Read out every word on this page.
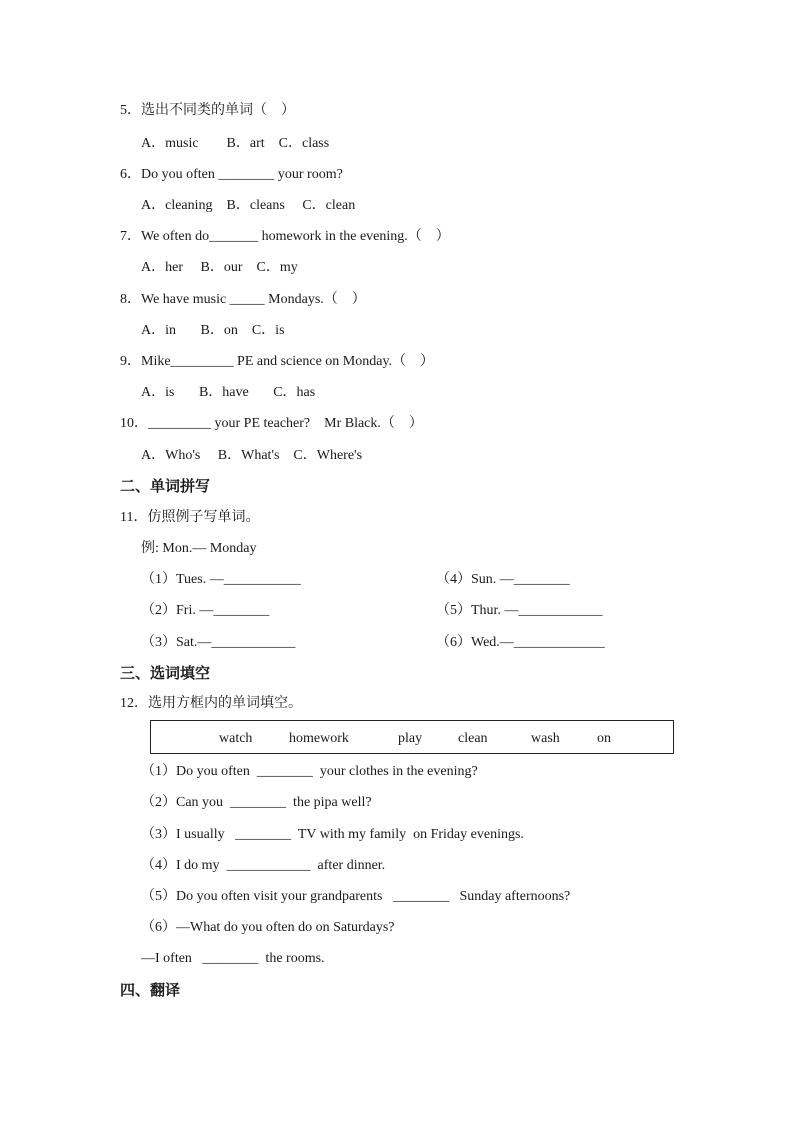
5．选出不同类的单词（    ）
A．music        B．art    C．class
6．Do you often ________ your room?
A．cleaning    B．cleans     C．clean
7．We often do_______ homework in the evening.（    ）
A．her     B．our    C．my
8．We have music _____ Mondays.（    ）
A．in       B．on    C．is
9．Mike_________ PE and science on Monday.（    ）
A．is       B．have       C．has
10．_________ your PE teacher?    Mr Black.（    ）
A．Who's     B．What's    C．Where's
二、单词拼写
11．仿照例子写单词。
例: Mon.— Monday
（1）Tues. —___________
（2）Fri. —________
（3）Sat.—____________
（4）Sun. —________
（5）Thur. —____________
（6）Wed.—_____________
三、选词填空
12．选用方框内的单词填空。
watch	homework	play	clean	wash	on
（1）Do you often  ________  your clothes in the evening?
（2）Can you  ________  the pipa well?
（3）I usually   ________  TV with my family  on Friday evenings.
（4）I do my  ____________  after dinner.
（5）Do you often visit your grandparents   ________   Sunday afternoons?
（6）—What do you often do on Saturdays?
—I often   ________  the rooms.
四、翻译
